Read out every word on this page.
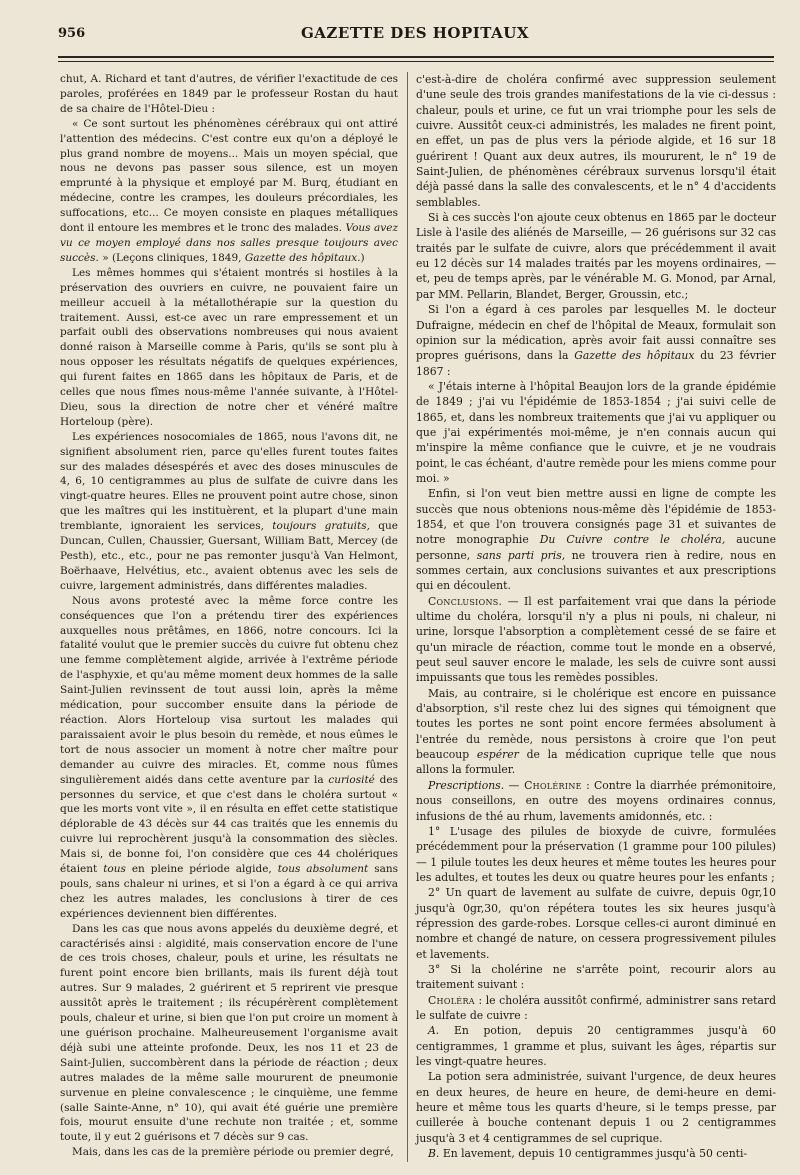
956	GAZETTE DES HOPITAUX

chut, A. Richard et tant d'autres, de vérifier l'exactitude de ces paroles, proférées en 1849 par le professeur Rostan du haut de sa chaire de l'Hôtel-Dieu :

« Ce sont surtout les phénomènes cérébraux qui ont attiré l'attention des médecins. C'est contre eux qu'on a déployé le plus grand nombre de moyens... Mais un moyen spécial, que nous ne devons pas passer sous silence, est un moyen emprunté à la physique et employé par M. Burq, étudiant en médecine, contre les crampes, les douleurs précordiales, les suffocations, etc... Ce moyen consiste en plaques métalliques dont il entoure les membres et le tronc des malades. Vous avez vu ce moyen employé dans nos salles presque toujours avec succès. » (Leçons cliniques, 1849, Gazette des hôpitaux.)

Les mêmes hommes qui s'étaient montrés si hostiles à la préservation des ouvriers en cuivre, ne pouvaient faire un meilleur accueil à la métallothérapie sur la question du traitement. Aussi, est-ce avec un rare empressement et un parfait oubli des observations nombreuses qui nous avaient donné raison à Marseille comme à Paris, qu'ils se sont plu à nous opposer les résultats négatifs de quelques expériences, qui furent faites en 1865 dans les hôpitaux de Paris, et de celles que nous fîmes nous-même l'année suivante, à l'Hôtel-Dieu, sous la direction de notre cher et vénéré maître Horteloup (père).

Les expériences nosocomiales de 1865, nous l'avons dit, ne signifient absolument rien, parce qu'elles furent toutes faites sur des malades désespérés et avec des doses minuscules de 4, 6, 10 centigrammes au plus de sulfate de cuivre dans les vingt-quatre heures. Elles ne prouvent point autre chose, sinon que les maîtres qui les instituèrent, et la plupart d'une main tremblante, ignoraient les services, toujours gratuits, que Duncan, Cullen, Chaussier, Guersant, William Batt, Mercey (de Pesth), etc., etc., pour ne pas remonter jusqu'à Van Helmont, Boërhaave, Helvétius, etc., avaient obtenus avec les sels de cuivre, largement administrés, dans différentes maladies.

Nous avons protesté avec la même force contre les conséquences que l'on a prétendu tirer des expériences auxquelles nous prêtâmes, en 1866, notre concours. Ici la fatalité voulut que le premier succès du cuivre fut obtenu chez une femme complètement algide, arrivée à l'extrême période de l'asphyxie, et qu'au même moment deux hommes de la salle Saint-Julien revinssent de tout aussi loin, après la même médication, pour succomber ensuite dans la période de réaction. Alors Horteloup visa surtout les malades qui paraissaient avoir le plus besoin du remède, et nous eûmes le tort de nous associer un moment à notre cher maître pour demander au cuivre des miracles. Et, comme nous fûmes singulièrement aidés dans cette aventure par la curiosité des personnes du service, et que c'est dans le choléra surtout « que les morts vont vite », il en résulta en effet cette statistique déplorable de 43 décès sur 44 cas traités que les ennemis du cuivre lui reprochèrent jusqu'à la consommation des siècles. Mais si, de bonne foi, l'on considère que ces 44 cholériques étaient tous en pleine période algide, tous absolument sans pouls, sans chaleur ni urines, et si l'on a égard à ce qui arriva chez les autres malades, les conclusions à tirer de ces expériences deviennent bien différentes.

Dans les cas que nous avons appelés du deuxième degré, et caractérisés ainsi : algidité, mais conservation encore de l'une de ces trois choses, chaleur, pouls et urine, les résultats ne furent point encore bien brillants, mais ils furent déjà tout autres. Sur 9 malades, 2 guérirent et 5 reprirent vie presque aussitôt après le traitement ; ils récupérèrent complètement pouls, chaleur et urine, si bien que l'on put croire un moment à une guérison prochaine. Malheureusement l'organisme avait déjà subi une atteinte profonde. Deux, les nos 11 et 23 de Saint-Julien, succombèrent dans la période de réaction ; deux autres malades de la même salle moururent de pneumonie survenue en pleine convalescence ; le cinquième, une femme (salle Sainte-Anne, n° 10), qui avait été guérie une première fois, mourut ensuite d'une rechute non traitée ; et, somme toute, il y eut 2 guérisons et 7 décès sur 9 cas.

Mais, dans les cas de la première période ou premier degré,

c'est-à-dire de choléra confirmé avec suppression seulement d'une seule des trois grandes manifestations de la vie ci-dessus : chaleur, pouls et urine, ce fut un vrai triomphe pour les sels de cuivre. Aussitôt ceux-ci administrés, les malades ne firent point, en effet, un pas de plus vers la période algide, et 16 sur 18 guérirent ! Quant aux deux autres, ils moururent, le n° 19 de Saint-Julien, de phénomènes cérébraux survenus lorsqu'il était déjà passé dans la salle des convalescents, et le n° 4 d'accidents semblables.

Si à ces succès l'on ajoute ceux obtenus en 1865 par le docteur Lisle à l'asile des aliénés de Marseille, — 26 guérisons sur 32 cas traités par le sulfate de cuivre, alors que précédemment il avait eu 12 décès sur 14 malades traités par les moyens ordinaires, — et, peu de temps après, par le vénérable M. G. Monod, par Arnal, par MM. Pellarin, Blandet, Berger, Groussin, etc.;

Si l'on a égard à ces paroles par lesquelles M. le docteur Dufraigne, médecin en chef de l'hôpital de Meaux, formulait son opinion sur la médication, après avoir fait aussi connaître ses propres guérisons, dans la Gazette des hôpitaux du 23 février 1867 :

« J'étais interne à l'hôpital Beaujon lors de la grande épidémie de 1849 ; j'ai vu l'épidémie de 1853-1854 ; j'ai suivi celle de 1865, et, dans les nombreux traitements que j'ai vu appliquer ou que j'ai expérimentés moi-même, je n'en connais aucun qui m'inspire la même confiance que le cuivre, et je ne voudrais point, le cas échéant, d'autre remède pour les miens comme pour moi. »

Enfin, si l'on veut bien mettre aussi en ligne de compte les succès que nous obtenions nous-même dès l'épidémie de 1853-1854, et que l'on trouvera consignés page 31 et suivantes de notre monographie Du Cuivre contre le choléra, aucune personne, sans parti pris, ne trouvera rien à redire, nous en sommes certain, aux conclusions suivantes et aux prescriptions qui en découlent.

Conclusions. — Il est parfaitement vrai que dans la période ultime du choléra, lorsqu'il n'y a plus ni pouls, ni chaleur, ni urine, lorsque l'absorption a complètement cessé de se faire et qu'un miracle de réaction, comme tout le monde en a observé, peut seul sauver encore le malade, les sels de cuivre sont aussi impuissants que tous les remèdes possibles.

Mais, au contraire, si le cholérique est encore en puissance d'absorption, s'il reste chez lui des signes qui témoignent que toutes les portes ne sont point encore fermées absolument à l'entrée du remède, nous persistons à croire que l'on peut beaucoup espérer de la médication cuprique telle que nous allons la formuler.

Prescriptions. — Cholérine : Contre la diarrhée prémonitoire, nous conseillons, en outre des moyens ordinaires connus, infusions de thé au rhum, lavements amidonnés, etc. :

1° L'usage des pilules de bioxyde de cuivre, formulées précédemment pour la préservation (1 gramme pour 100 pilules) — 1 pilule toutes les deux heures et même toutes les heures pour les adultes, et toutes les deux ou quatre heures pour les enfants ;

2° Un quart de lavement au sulfate de cuivre, depuis 0gr,10 jusqu'à 0gr,30, qu'on répétera toutes les six heures jusqu'à répression des garde-robes. Lorsque celles-ci auront diminué en nombre et changé de nature, on cessera progressivement pilules et lavements.

3° Si la cholérine ne s'arrête point, recourir alors au traitement suivant :

Choléra : le choléra aussitôt confirmé, administrer sans retard le sulfate de cuivre :

A. En potion, depuis 20 centigrammes jusqu'à 60 centigrammes, 1 gramme et plus, suivant les âges, répartis sur les vingt-quatre heures.

La potion sera administrée, suivant l'urgence, de deux heures en deux heures, de heure en heure, de demi-heure en demi-heure et même tous les quarts d'heure, si le temps presse, par cuillerée à bouche contenant depuis 1 ou 2 centigrammes jusqu'à 3 et 4 centigrammes de sel cuprique.

B. En lavement, depuis 10 centigrammes jusqu'à 50 centi-
